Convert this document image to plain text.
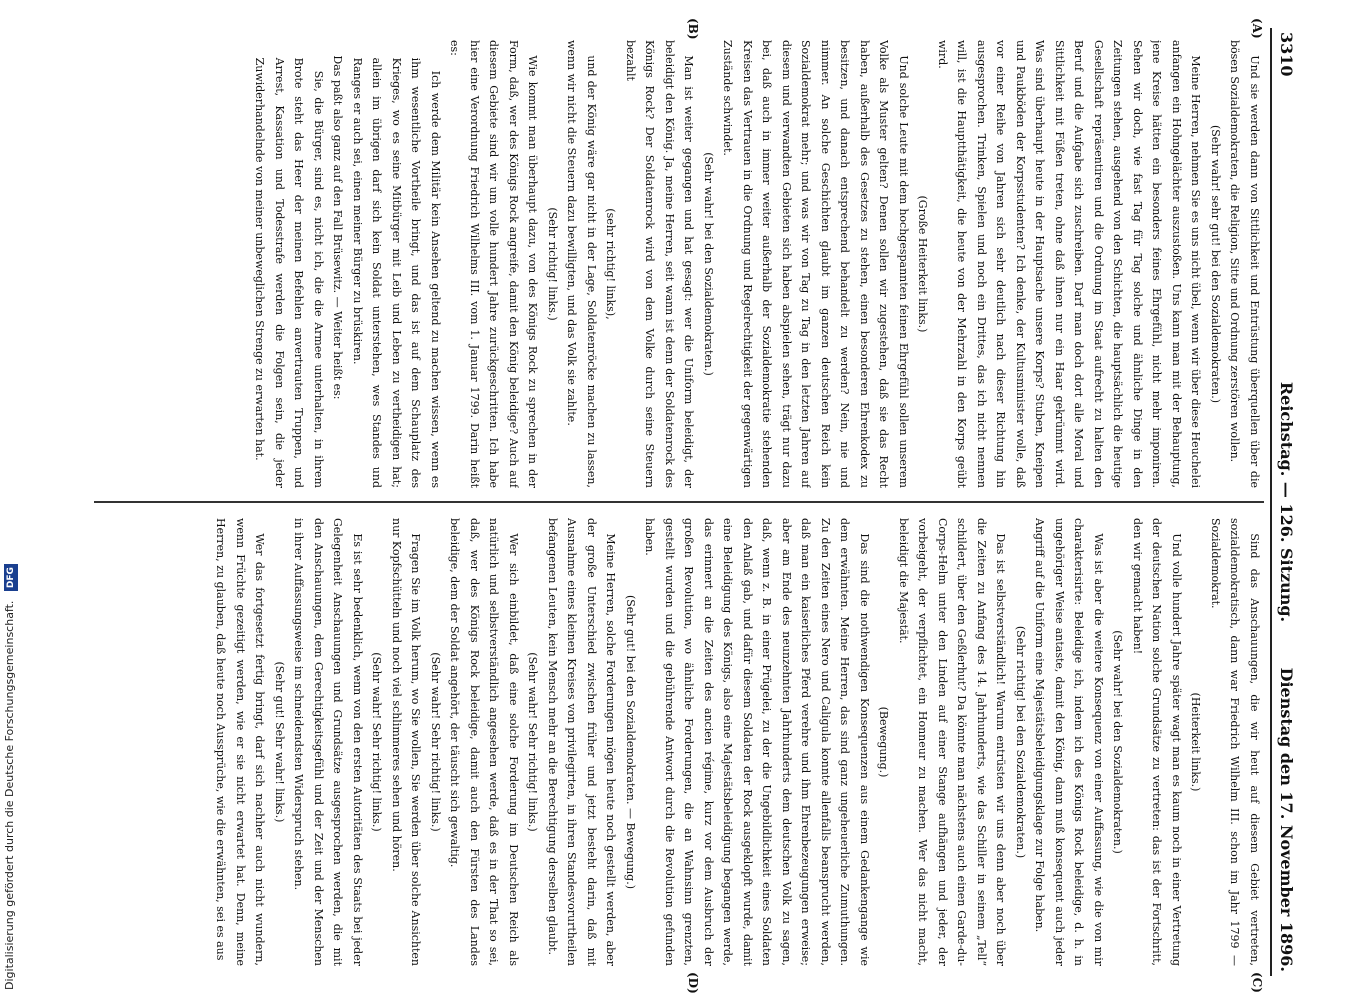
Digitalisierung gefördert durch die Deutsche Forschungsgemeinschaft. DFG
3310
Reichstag. — 126. Sitzung.
Dienstag den 17. November 1896.
(A)
(B)
(C)
(D)

Und sie werden dann von Sittlichkeit und Entrüstung überquellen über die bösen Sozialdemokraten, die Religion, Sitte und Ordnung zerstören wollen.

(Sehr wahr! sehr gut! bei den Sozialdemokraten.)

Meine Herren, nehmen Sie es uns nicht übel, wenn wir über diese Heuchelei anfangen ein Hohngelächter auszustoßen. Uns kann man mit der Behauptung, jene Kreise hätten ein besonders feines Ehrgefühl, nicht mehr imponiren. Sehen wir doch, wie fast Tag für Tag solche und ähnliche Dinge in den Zeitungen stehen, ausgehend von den Schichten, die hauptsächlich die heutige Gesellschaft repräsentiren und die Ordnung im Staat aufrecht zu halten den Beruf und die Aufgabe sich zuschreiben. Darf man doch dort alle Moral und Sittlichkeit mit Füßen treten, ohne daß ihnen nur ein Haar gekrümmt wird. Was sind überhaupt heute in der Hauptsache unsere Korps? Stuben, Kneipen und Paukböden der Korpsstudenten? Ich denke, der Kultusminister wolle, daß vor einer Reihe von Jahren sich sehr deutlich nach dieser Richtung hin ausgesprochen. Trinken, Spielen und noch ein Drittes, das ich nicht nennen will, ist die Hauptthätigkeit, die heute von der Mehrzahl in den Korps geübt wird.

(Große Heiterkeit links.)

Und solche Leute mit dem hochgespannten feinen Ehrgefühl sollen unserem Volke als Muster gelten? Denen sollen wir zugestehen, daß sie das Recht haben, außerhalb des Gesetzes zu stehen, einen besonderen Ehrenkodex zu besitzen, und danach entsprechend behandelt zu werden? Nein, nie und nimmer. An solche Geschichten glaubt im ganzen deutschen Reich kein Sozialdemokrat mehr; und was wir von Tag zu Tag in den letzten Jahren auf diesem und verwandten Gebieten sich haben abspielen sehen, trägt nur dazu bei, daß auch in immer weiter außerhalb der Sozialdemokratie stehenden Kreisen das Vertrauen in die Ordnung und Regelrechtigkeit der gegenwärtigen Zustände schwindet.

(Sehr wahr! bei den Sozialdemokraten.)

Man ist weiter gegangen und hat gesagt: wer die Uniform beleidigt, der beleidigt den König. Ja, meine Herren, seit wann ist denn der Soldatenrock des Königs Rock? Der Soldatenrock wird von dem Volke durch seine Steuern bezahlt

(sehr richtig! links),

und der König wäre gar nicht in der Lage, Soldatenröcke machen zu lassen, wenn wir nicht die Steuern dazu bewilligten, und das Volk sie zahlte.

(Sehr richtig! links.)

Wie kommt man überhaupt dazu, von des Königs Rock zu sprechen in der Form, daß, wer des Königs Rock angreife, damit den König beleidige? Auch auf diesem Gebiete sind wir um volle hundert Jahre zurückgeschritten. Ich habe hier eine Verordnung Friedrich Wilhelms III. vom 1. Januar 1799. Darin heißt es:

Ich werde dem Militär kein Ansehen geltend zu machen wissen, wenn es ihm wesentliche Vortheile bringt, und das ist auf dem Schauplatz des Krieges, wo es seine Mitbürger mit Leib und Leben zu vertheidigen hat; allein im übrigen darf sich kein Soldat unterstehen, wes Standes und Ranges er auch sei, einen meiner Bürger zu brüskiren.

Das paßt also ganz auf den Fall Brüsewitz. — Weiter heißt es:

Sie, die Bürger, sind es, nicht ich, die die Armee unterhalten, in ihrem Brote steht das Heer der meinen Befehlen anvertrauten Truppen, und Arrest, Kassation und Todesstrafe werden die Folgen sein, die jeder Zuwiderhandelnde von meiner unbeweglichen Strenge zu erwarten hat.

Sind das Anschauungen, die wir heut auf diesem Gebiet vertreten, sozialdemokratisch, dann war Friedrich Wilhelm III. schon im Jahr 1799 — Sozialdemokrat.

(Heiterkeit links.)

Und volle hundert Jahre später wagt man es kaum noch in einer Vertretung der deutschen Nation solche Grundsätze zu vertreten: das ist der Fortschritt, den wir gemacht haben!

(Sehr wahr! bei den Sozialdemokraten.)

Was ist aber die weitere Konsequenz von einer Auffassung, wie die von mir charakterisirte: Beleidige ich, indem ich des Königs Rock beleidige, d. h. in ungehöriger Weise antaste, damit den König, dann muß konsequent auch jeder Angriff auf die Uniform eine Majestätsbeleidigungsklage zur Folge haben.

(Sehr richtig! bei den Sozialdemokraten.)

Das ist selbstverständlich! Warum entrüsten wir uns denn aber noch über die Zeiten zu Anfang des 14. Jahrhunderts, wie das Schiller in seinem „Tell“ schildert, über den Geßlerhut? Da könnte man nächstens auch einen Garde-du-Corps-Helm unter den Linden auf einer Stange aufhängen und jeder, der vorbeigeht, der verpflichtet, ein Honneur zu machen. Wer das nicht macht, beleidigt die Majestät.

(Bewegung.)

Das sind die nothwendigen Konsequenzen aus einem Gedankengange wie dem erwähnten. Meine Herren, das sind ganz ungeheuerliche Zumuthungen. Zu den Zeiten eines Nero und Caligula konnte allenfalls beansprucht werden, daß man ein kaiserliches Pferd verehre und ihm Ehrenbezeugungen erweise; aber am Ende des neunzehnten Jahrhunderts dem deutschen Volk zu sagen, daß, wenn z. B. in einer Prügelei, zu der die Ungebildlichkeit eines Soldaten den Anlaß gab, und dafür diesem Soldaten der Rock ausgeklopft wurde, damit eine Beleidigung des Königs, also eine Majestätsbeleidigung begangen werde, das erinnert an die Zeiten des ancien régime, kurz vor dem Ausbruch der großen Revolution, wo ähnliche Forderungen, die an Wahnsinn grenzten, gestellt wurden und die gebührende Antwort durch die Revolution gefunden haben.

(Sehr gut! bei den Sozialdemokraten. — Bewegung.)

Meine Herren, solche Forderungen mögen heute noch gestellt werden, aber der große Unterschied zwischen früher und jetzt besteht darin, daß mit Ausnahme eines kleinen Kreises von privilegirten, in ihren Standesvorurtheilen befangenen Leuten, kein Mensch mehr an die Berechtigung derselben glaubt.

(Sehr wahr! Sehr richtig! links.)

Wer sich einbildet, daß eine solche Forderung im Deutschen Reich als natürlich und selbstverständlich angesehen werde, daß es in der That so sei, daß, wer des Königs Rock beleidige, damit auch den Fürsten des Landes beleidige, dem der Soldat angehört, der täuscht sich gewaltig.

(Sehr wahr! Sehr richtig! links.)

Fragen Sie im Volk herum, wo Sie wollen, Sie werden über solche Ansichten nur Kopfschütteln und noch viel schlimmeres sehen und hören.

(Sehr wahr! Sehr richtig! links.)

Es ist sehr bedenklich, wenn von den ersten Autoritäten des Staats bei jeder Gelegenheit Anschauungen und Grundsätze ausgesprochen werden, die mit den Anschauungen, dem Gerechtigkeitsgefühl und der Zeit und der Menschen in ihrer Auffassungsweise im schneidendsten Widerspruch stehen.

(Sehr gut! Sehr wahr! links.)

Wer das fortgesetzt fertig bringt, darf sich nachher auch nicht wundern, wenn Früchte gezeitigt werden, wie er sie nicht erwartet hat. Denn, meine Herren, zu glauben, daß heute noch Aussprüche, wie die erwähnten, sei es aus
